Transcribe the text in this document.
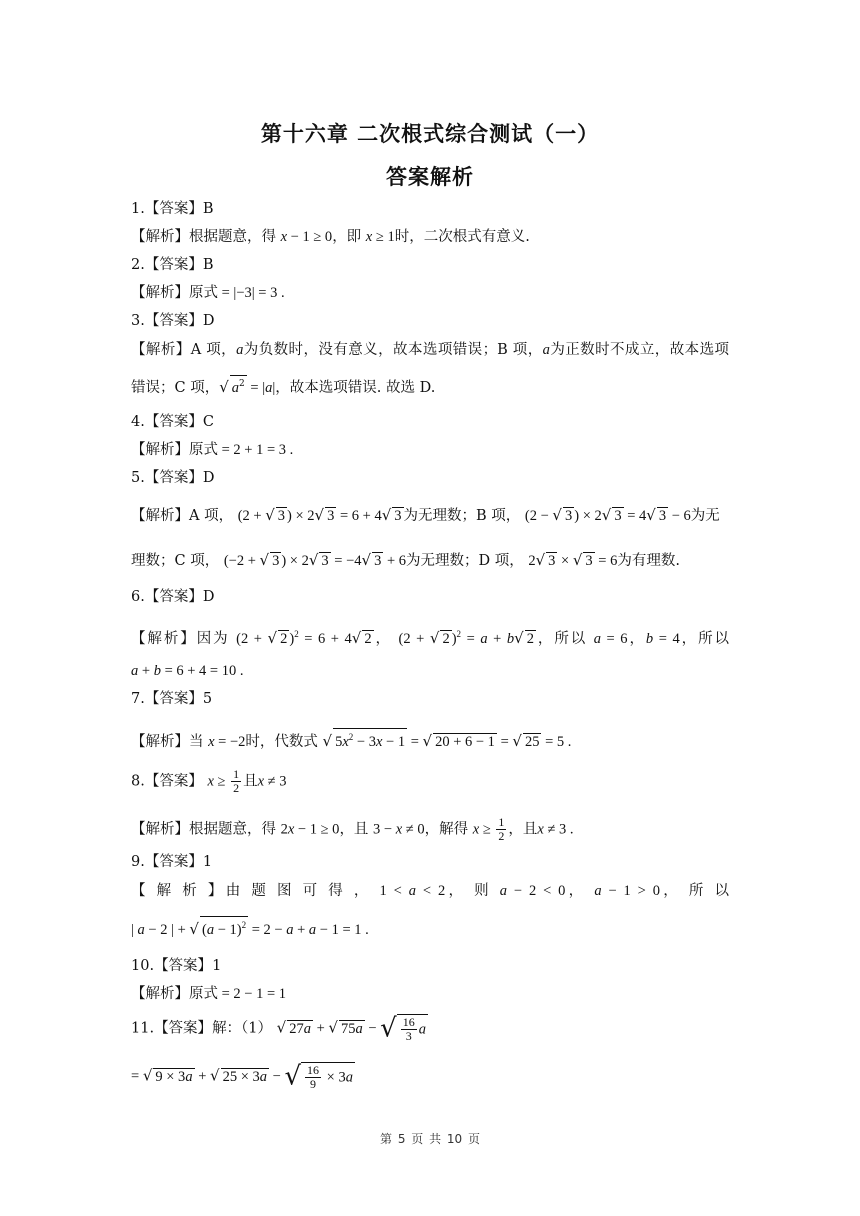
第十六章 二次根式综合测试（一）
答案解析
1.【答案】B
【解析】根据题意，得 x − 1 ≥ 0，即 x ≥ 1时，二次根式有意义.
2.【答案】B
【解析】原式 = |−3| = 3 .
3.【答案】D
【解析】A 项，a为负数时，没有意义，故本选项错误；B 项，a为正数时不成立，故本选项
错误；C 项，√ $a^2 = |a|$，故本选项错误. 故选 D.
4.【答案】C
【解析】原式 = 2 + 1 = 3 .
5.【答案】D
【解析】A 项， (2 + √ 3 ) × 2√ 3 = 6 + 4√ 3 为无理数；B 项， (2 − √ 3 ) × 2√ 3 = 4√ 3 − 6为无
理数；C 项， (−2 + √ 3 ) × 2√ 3 = −4√ 3 + 6为无理数；D 项， 2√ 3 × √ 3 = 6为有理数.
6.【答案】D
【解析】因为 (2 + √ 2 )$^2$ = 6 + 4√ 2 ， (2 + √ 2 )$^2$ = a + b√ 2 ，所以 a = 6，b = 4，所以
a + b = 6 + 4 = 10 .
7.【答案】5
【解析】当 x = −2时，代数式 √ $5x^2 - 3x - 1$ = √ 20 + 6 − 1 = √ 25 = 5 .
8.【答案】 $x \ge \frac{1}{2}$ 且x ≠ 3
【解析】根据题意，得 2x − 1 ≥ 0，且 3 − x ≠ 0，解得 $x \ge \frac{1}{2}$ ，且x ≠ 3 .
9.【答案】1
【 解 析 】由 题 图 可 得 ， 1 < a < 2， 则 a − 2 < 0， a − 1 > 0， 所 以
| a − 2 | + √ $(a - 1)^2 = 2 - a + a - 1 = 1$ .
10.【答案】1
【解析】原式 = 2 − 1 = 1
11.【答案】解：（1） √ 27a + √ 75a − √ $\frac{16}{3}$ a
= √ 9 × 3a + √ 25 × 3a − √ $\frac{16}{9} \times 3a$
第 5 页 共 10 页
